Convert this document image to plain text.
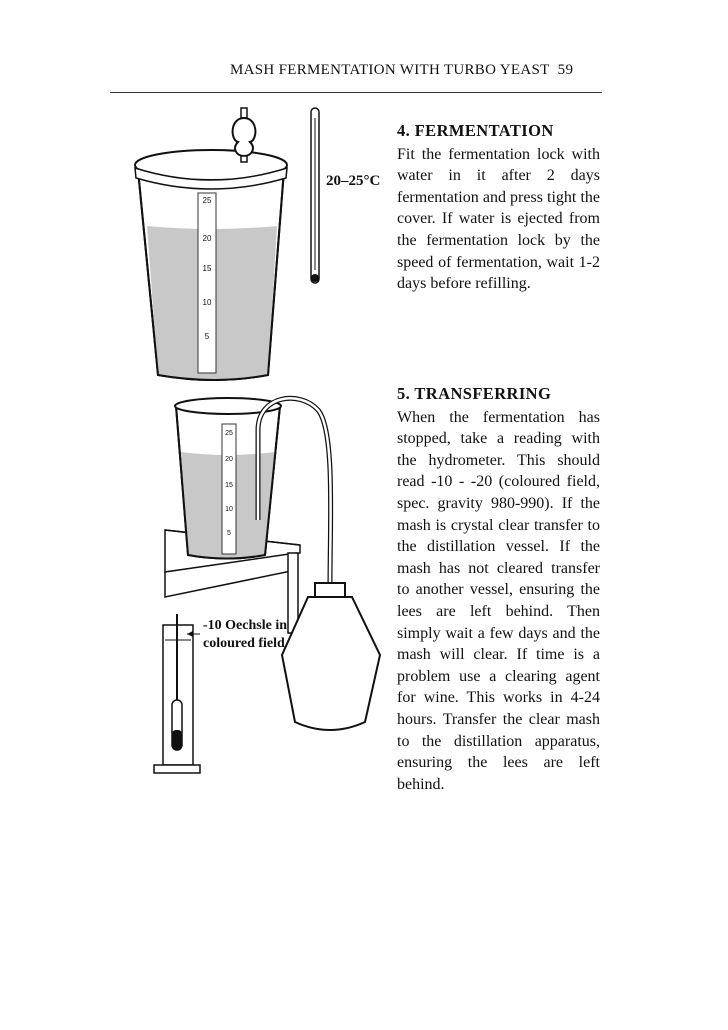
MASH FERMENTATION WITH TURBO YEAST 59
25
20
15
10
5
25
20
15
10
5
20–25°C
-10 Oechsle in coloured field
4. FERMENTATION

Fit the fermentation lock with water in it after 2 days fermentation and press tight the cover. If water is ejected from the fermentation lock by the speed of fermentation, wait 1-2 days before refilling.

5. TRANSFERRING

When the fermentation has stopped, take a reading with the hydrometer. This should read -10 - -20 (coloured field, spec. gravity 980-990). If the mash is crystal clear transfer to the distillation vessel. If the mash has not cleared transfer to another vessel, ensuring the lees are left behind. Then simply wait a few days and the mash will clear. If time is a problem use a clearing agent for wine. This works in 4-24 hours. Transfer the clear mash to the distillation apparatus, ensuring the lees are left behind.
